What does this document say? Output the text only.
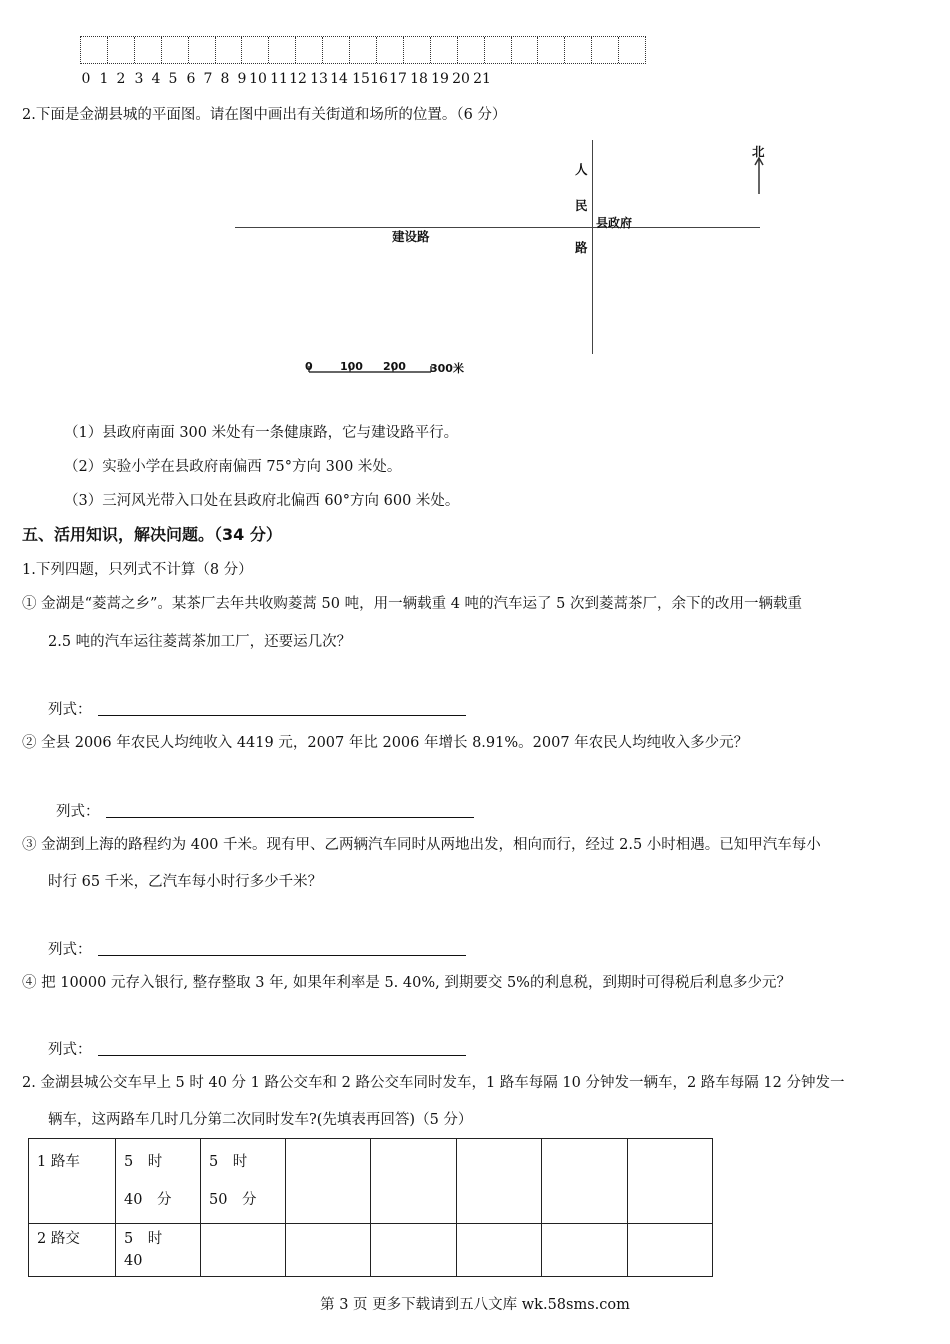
0 1 2 3 4 5 6 7 8 9 10 11 12 13 14 15 16 17 18 19 20 21
2.下面是金湖县城的平面图。请在图中画出有关街道和场所的位置。（6 分）
人
民
路
建设路
县政府
北
0 100 200 300米
（1）县政府南面 300 米处有一条健康路，它与建设路平行。
（2）实验小学在县政府南偏西 75°方向 300 米处。
（3）三河风光带入口处在县政府北偏西 60°方向 600 米处。
五、活用知识，解决问题。（34 分）
1.下列四题，只列式不计算（8 分）
① 金湖是“菱蒿之乡”。某茶厂去年共收购菱蒿 50 吨，用一辆载重 4 吨的汽车运了 5 次到菱蒿茶厂，余下的改用一辆载重
2.5 吨的汽车运往菱蒿茶加工厂，还要运几次？
列式：
② 全县 2006 年农民人均纯收入 4419 元，2007 年比 2006 年增长 8.91%。2007 年农民人均纯收入多少元？
列式：
③ 金湖到上海的路程约为 400 千米。现有甲、乙两辆汽车同时从两地出发，相向而行，经过 2.5 小时相遇。已知甲汽车每小
时行 65 千米，乙汽车每小时行多少千米？
列式：
④ 把 10000 元存入银行, 整存整取 3 年, 如果年利率是 5. 40%, 到期要交 5%的利息税，到期时可得税后利息多少元？
列式：
2. 金湖县城公交车早上 5 时 40 分 1 路公交车和 2 路公交车同时发车，1 路车每隔 10 分钟发一辆车，2 路车每隔 12 分钟发一
辆车，这两路车几时几分第二次同时发车?(先填表再回答)（5 分）
1 路车	5　时　40　分	5　时　50　分					
2 路交	5　时　40						
第 3 页 更多下载请到五八文库 wk.58sms.com
